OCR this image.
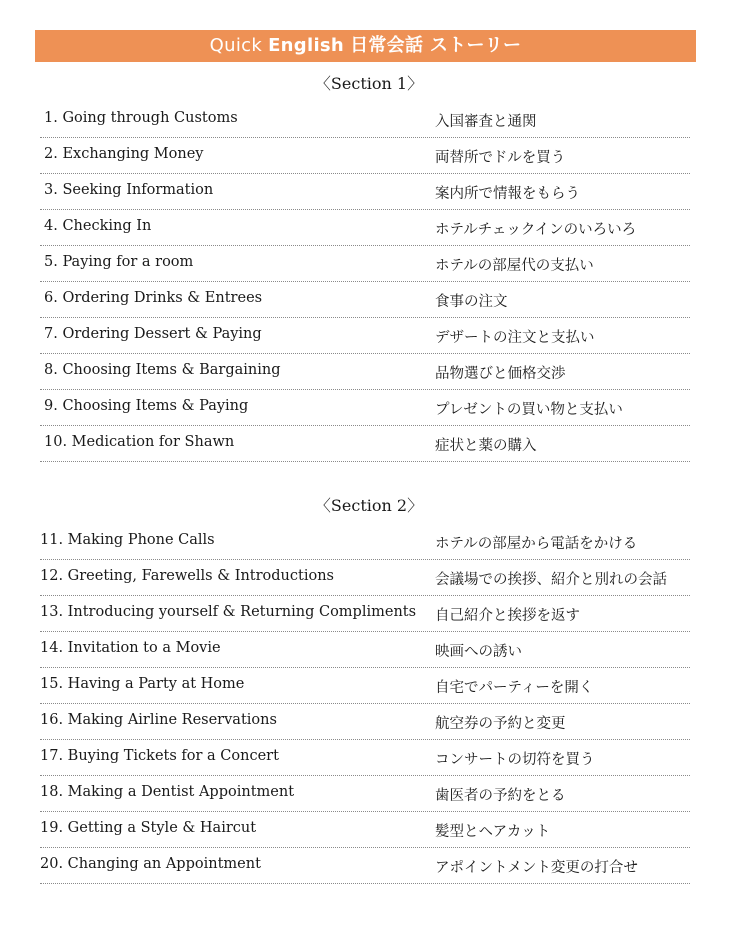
Quick English 日常会話 ストーリー
〈Section 1〉
1. Going through Customs	入国審査と通関
2. Exchanging Money	両替所でドルを買う
3. Seeking Information	案内所で情報をもらう
4. Checking In	ホテルチェックインのいろいろ
5. Paying for a room	ホテルの部屋代の支払い
6. Ordering Drinks & Entrees	食事の注文
7. Ordering Dessert & Paying	デザートの注文と支払い
8. Choosing Items & Bargaining	品物選びと価格交渉
9. Choosing Items & Paying	プレゼントの買い物と支払い
10. Medication for Shawn	症状と薬の購入
〈Section 2〉
11. Making Phone Calls	ホテルの部屋から電話をかける
12. Greeting, Farewells & Introductions	会議場での挨拶、紹介と別れの会話
13. Introducing yourself & Returning Compliments 自己紹介と挨拶を返す
14. Invitation to a Movie	映画への誘い
15. Having a Party at Home	自宅でパーティーを開く
16. Making Airline Reservations	航空券の予約と変更
17. Buying Tickets for a Concert	コンサートの切符を買う
18. Making a Dentist Appointment	歯医者の予約をとる
19. Getting a Style & Haircut	髪型とヘアカット
20. Changing an Appointment	アポイントメント変更の打合せ
